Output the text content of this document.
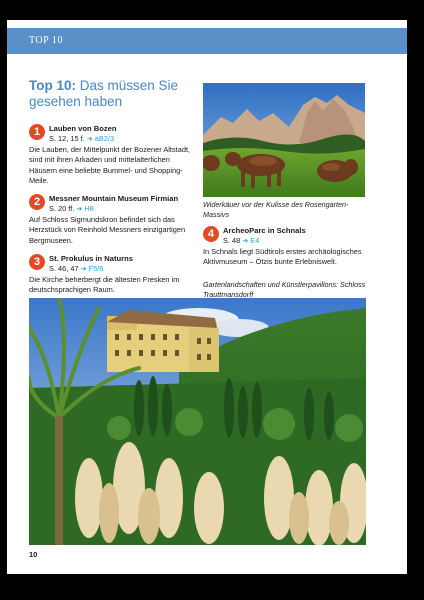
TOP 10
Top 10: Das müssen Sie gesehen haben
1	Lauben von Bozen
S. 12, 15 f. ➜ aB2/3

Die Lauben, der Mittelpunkt der Bozener Altstadt, sind mit ihren Arkaden und mittelalterlichen Häusern eine beliebte Bummel- und Shopping-Meile.

2	Messner Mountain Museum Firmian
S. 20 ff. ➜ H8

Auf Schloss Sigmundskron befindet sich das Herzstück von Reinhold Messners einzigartigen Bergmuseen.

3	St. Prokulus in Naturns
S. 46, 47 ➜ F5/6

Die Kirche beherbergt die ältesten Fresken im deutschsprachigen Raum.

Widerkäuer vor der Kulisse des Rosengarten-Massivs
4	ArcheoParc in Schnals
S. 48 ➜ E4

In Schnals liegt Südtirols erstes archäologisches Aktivmuseum – Ötzis bunte Erlebniswelt.

Gartenlandschaften und Künstlerpavillons: Schloss Trauttmansdorff
10
